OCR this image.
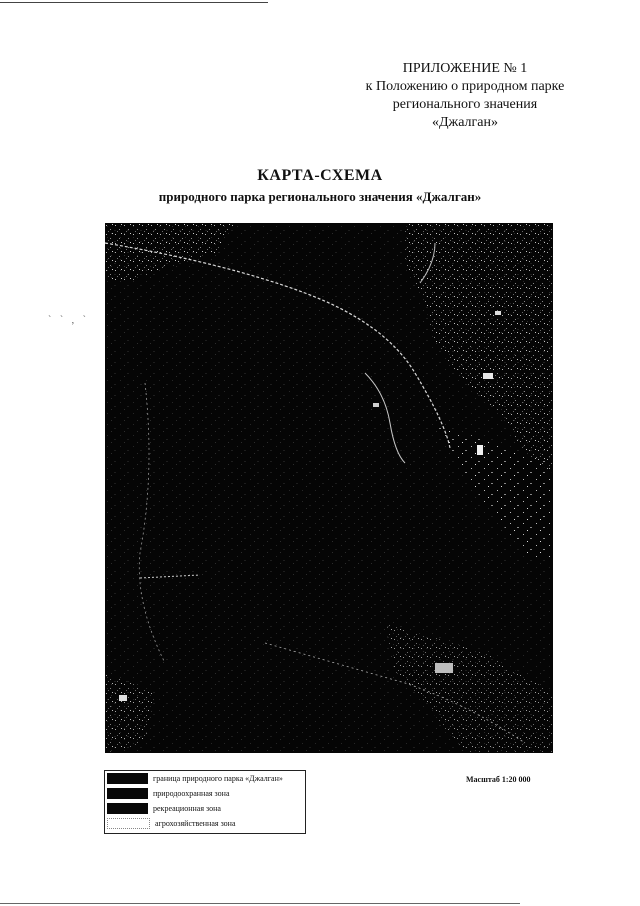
ПРИЛОЖЕНИЕ № 1
к Положению о природном парке
регионального значения
«Джалган»
КАРТА-СХЕМА
природного парка регионального значения «Джалган»
` ` , `
граница природного парка «Джалган»
природоохранная зона
рекреационная зона
агрохозяйственная зона
Масштаб 1:20 000
